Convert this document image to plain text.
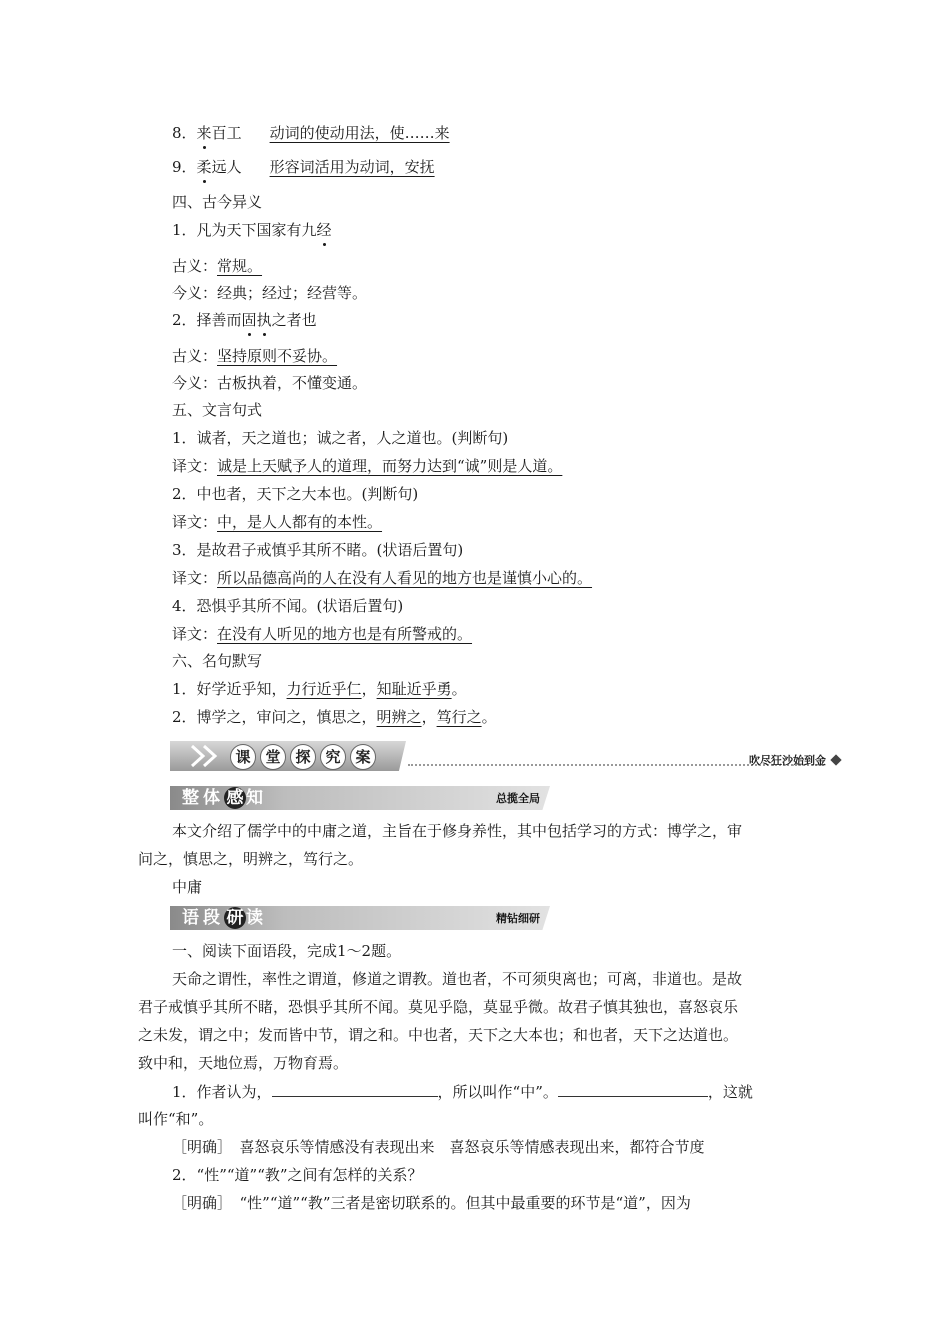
8．来百工 动词的使动用法，使……来
9．柔远人 形容词活用为动词，安抚
四、古今异义
1．凡为天下国家有九经
古义：常规。
今义：经典；经过；经营等。
2．择善而固执之者也
古义：坚持原则不妥协。
今义：古板执着，不懂变通。
五、文言句式
1．诚者，天之道也；诚之者，人之道也。(判断句)
译文：诚是上天赋予人的道理，而努力达到“诚”则是人道。
2．中也者，天下之大本也。(判断句)
译文：中，是人人都有的本性。
3．是故君子戒慎乎其所不睹。(状语后置句)
译文：所以品德高尚的人在没有人看见的地方也是谨慎小心的。
4．恐惧乎其所不闻。(状语后置句)
译文：在没有人听见的地方也是有所警戒的。
六、名句默写
1．好学近乎知，力行近乎仁，知耻近乎勇。
2．博学之，审问之，慎思之，明辨之，笃行之。
课 堂 探 究 案	吹尽狂沙始到金
整体 感 知	总揽全局
本文介绍了儒学中的中庸之道，主旨在于修身养性，其中包括学习的方式：博学之，审
问之，慎思之，明辨之，笃行之。
中庸
语段 研 读	精钻细研
一、阅读下面语段，完成1～2题。
天命之谓性，率性之谓道，修道之谓教。道也者，不可须臾离也；可离，非道也。是故
君子戒慎乎其所不睹，恐惧乎其所不闻。莫见乎隐，莫显乎微。故君子慎其独也，喜怒哀乐
之未发，谓之中；发而皆中节，谓之和。中也者，天下之大本也；和也者，天下之达道也。
致中和，天地位焉，万物育焉。
1．作者认为，	，所以叫作“中”。	，这就
叫作“和”。
［明确］　喜怒哀乐等情感没有表现出来　喜怒哀乐等情感表现出来，都符合节度
2．“性”“道”“教”之间有怎样的关系？
［明确］　“性”“道”“教”三者是密切联系的。但其中最重要的环节是“道”，因为
